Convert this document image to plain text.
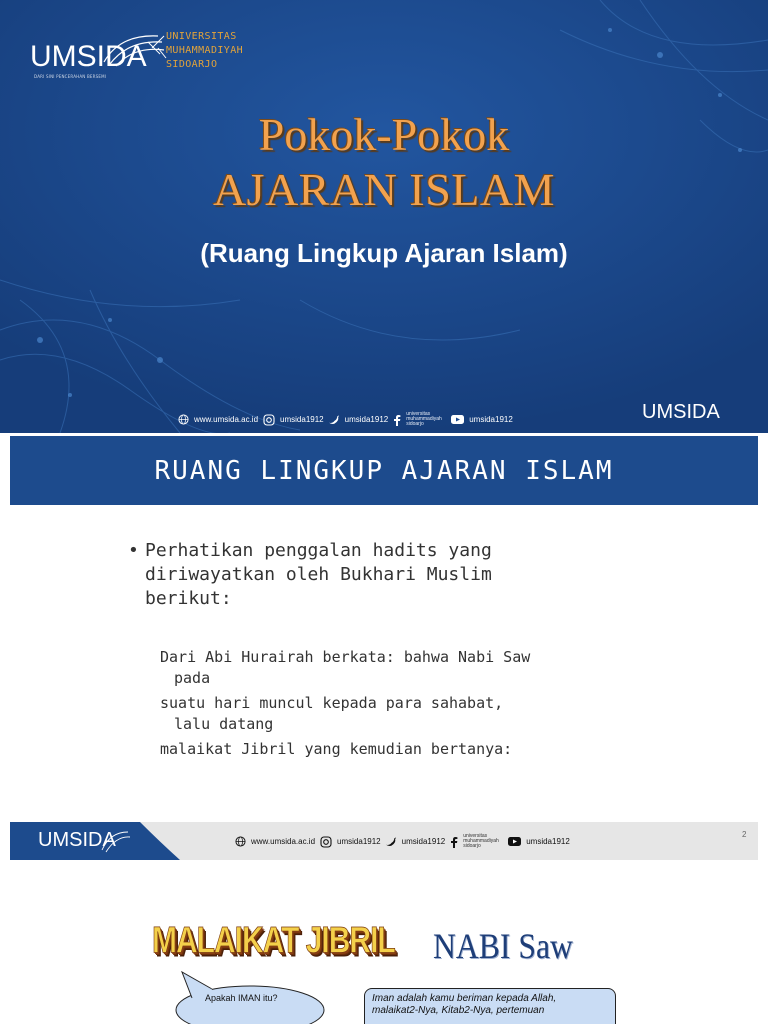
UMSIDA
DARI SINI PENCERAHAN BERSEMI
UNIVERSITAS
MUHAMMADIYAH
SIDOARJO
Pokok-Pokok
AJARAN ISLAM
(Ruang Lingkup Ajaran Islam)
www.umsida.ac.id	umsida1912	umsida1912
universitas muhammadiyah sidoarjo	umsida1912	UMSIDA
RUANG LINGKUP AJARAN ISLAM
• Perhatikan penggalan hadits yang
diriwayatkan oleh Bukhari Muslim
berikut:
Dari Abi Hurairah berkata: bahwa Nabi Saw
pada
suatu hari muncul kepada para sahabat,
lalu datang
malaikat Jibril yang kemudian bertanya:
UMSIDA	www.umsida.ac.id	umsida1912	umsida1912
universitas muhammadiyah sidoarjo	umsida1912
2
MALAIKAT JIBRIL NABI Saw
Apakah IMAN itu?	Iman adalah kamu beriman kepada Allah,
malaikat2-Nya, Kitab2-Nya, pertemuan
